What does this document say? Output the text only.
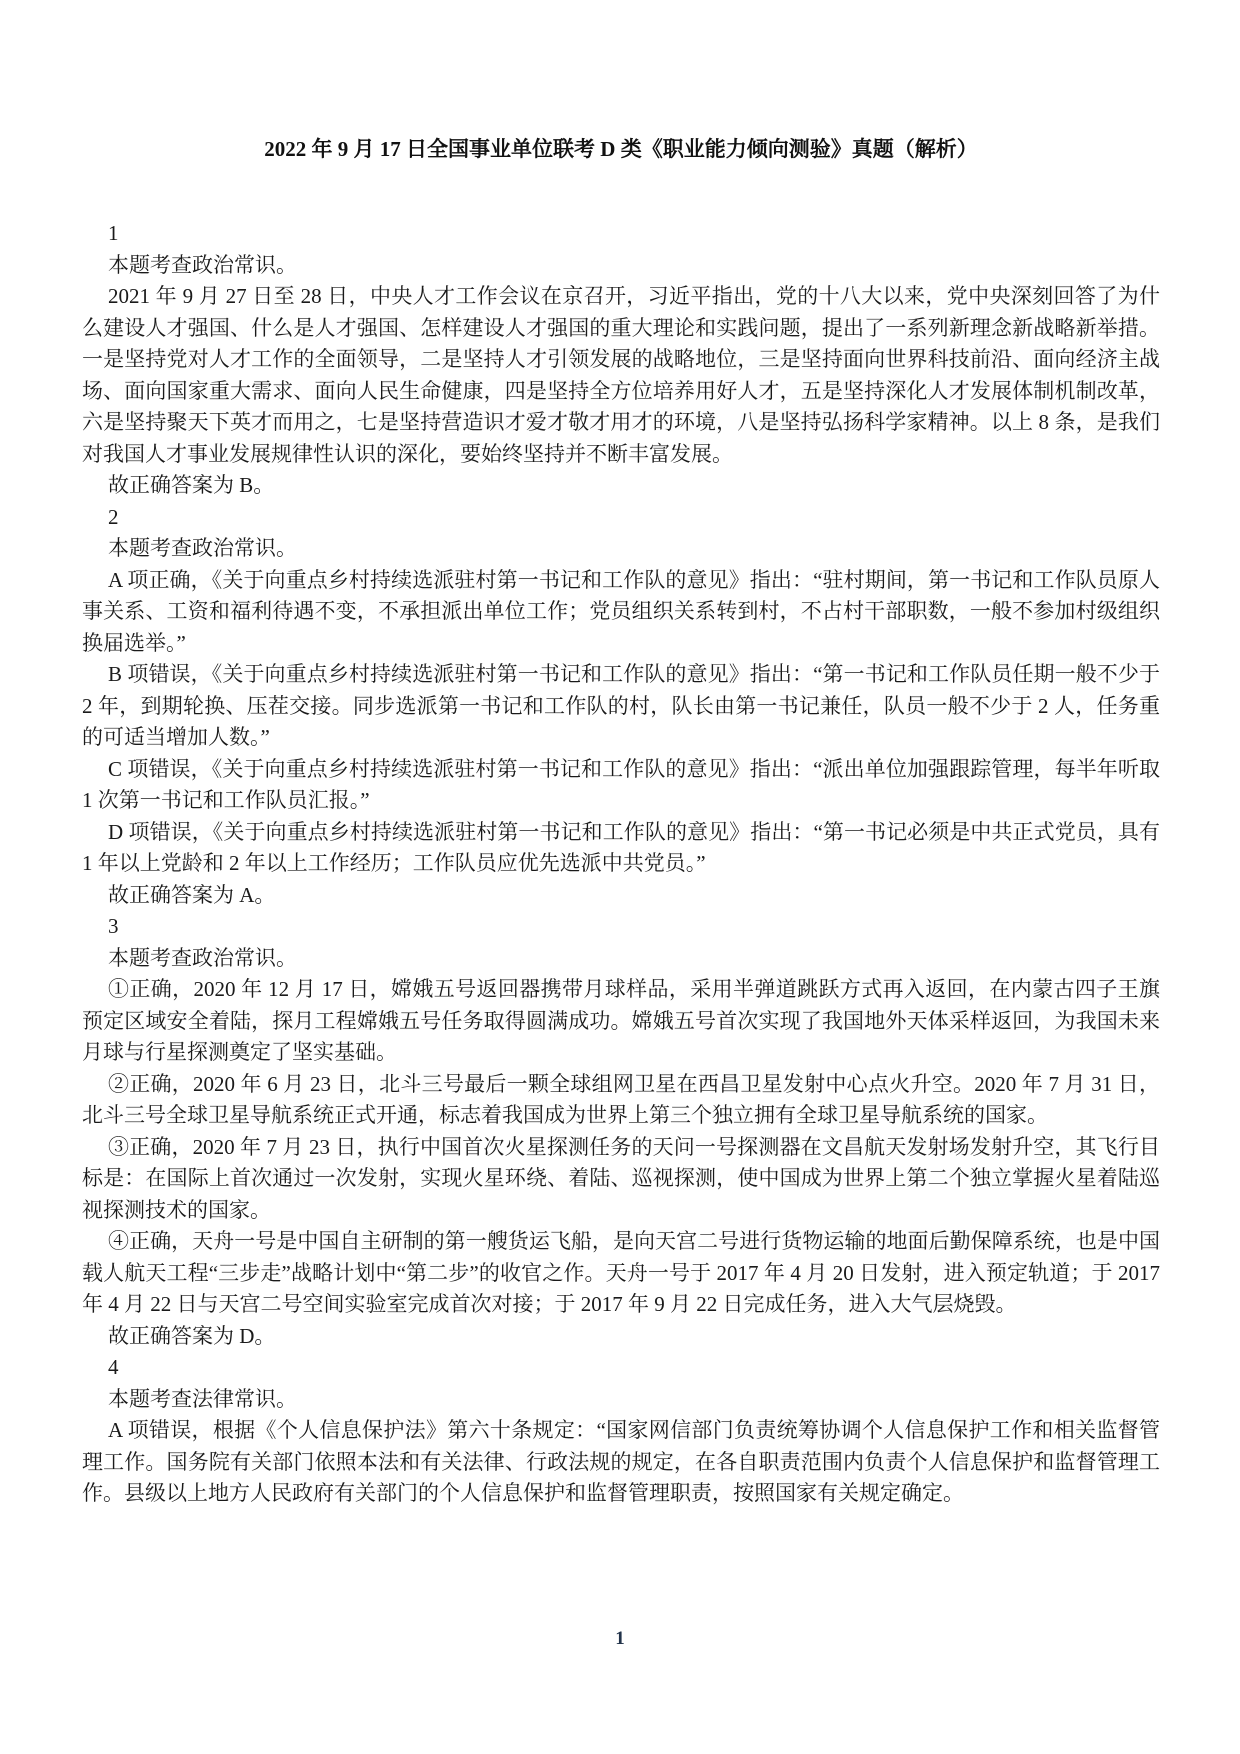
2022 年 9 月 17 日全国事业单位联考 D 类《职业能力倾向测验》真题（解析）

1

本题考查政治常识。

2021 年 9 月 27 日至 28 日，中央人才工作会议在京召开，习近平指出，党的十八大以来，党中央深刻回答了为什么建设人才强国、什么是人才强国、怎样建设人才强国的重大理论和实践问题，提出了一系列新理念新战略新举措。一是坚持党对人才工作的全面领导，二是坚持人才引领发展的战略地位，三是坚持面向世界科技前沿、面向经济主战场、面向国家重大需求、面向人民生命健康，四是坚持全方位培养用好人才，五是坚持深化人才发展体制机制改革，六是坚持聚天下英才而用之，七是坚持营造识才爱才敬才用才的环境，八是坚持弘扬科学家精神。以上 8 条，是我们对我国人才事业发展规律性认识的深化，要始终坚持并不断丰富发展。

故正确答案为 B。

2

本题考查政治常识。

A 项正确，《关于向重点乡村持续选派驻村第一书记和工作队的意见》指出：“驻村期间，第一书记和工作队员原人事关系、工资和福利待遇不变，不承担派出单位工作；党员组织关系转到村，不占村干部职数，一般不参加村级组织换届选举。”

B 项错误，《关于向重点乡村持续选派驻村第一书记和工作队的意见》指出：“第一书记和工作队员任期一般不少于 2 年，到期轮换、压茬交接。同步选派第一书记和工作队的村，队长由第一书记兼任，队员一般不少于 2 人，任务重的可适当增加人数。”

C 项错误，《关于向重点乡村持续选派驻村第一书记和工作队的意见》指出：“派出单位加强跟踪管理，每半年听取 1 次第一书记和工作队员汇报。”

D 项错误，《关于向重点乡村持续选派驻村第一书记和工作队的意见》指出：“第一书记必须是中共正式党员，具有 1 年以上党龄和 2 年以上工作经历；工作队员应优先选派中共党员。”

故正确答案为 A。

3

本题考查政治常识。

①正确，2020 年 12 月 17 日，嫦娥五号返回器携带月球样品，采用半弹道跳跃方式再入返回，在内蒙古四子王旗预定区域安全着陆，探月工程嫦娥五号任务取得圆满成功。嫦娥五号首次实现了我国地外天体采样返回，为我国未来月球与行星探测奠定了坚实基础。

②正确，2020 年 6 月 23 日，北斗三号最后一颗全球组网卫星在西昌卫星发射中心点火升空。2020 年 7 月 31 日，北斗三号全球卫星导航系统正式开通，标志着我国成为世界上第三个独立拥有全球卫星导航系统的国家。

③正确，2020 年 7 月 23 日，执行中国首次火星探测任务的天问一号探测器在文昌航天发射场发射升空，其飞行目标是：在国际上首次通过一次发射，实现火星环绕、着陆、巡视探测，使中国成为世界上第二个独立掌握火星着陆巡视探测技术的国家。

④正确，天舟一号是中国自主研制的第一艘货运飞船，是向天宫二号进行货物运输的地面后勤保障系统，也是中国载人航天工程“三步走”战略计划中“第二步”的收官之作。天舟一号于 2017 年 4 月 20 日发射，进入预定轨道；于 2017 年 4 月 22 日与天宫二号空间实验室完成首次对接；于 2017 年 9 月 22 日完成任务，进入大气层烧毁。

故正确答案为 D。

4

本题考查法律常识。

A 项错误，根据《个人信息保护法》第六十条规定：“国家网信部门负责统筹协调个人信息保护工作和相关监督管理工作。国务院有关部门依照本法和有关法律、行政法规的规定，在各自职责范围内负责个人信息保护和监督管理工作。县级以上地方人民政府有关部门的个人信息保护和监督管理职责，按照国家有关规定确定。

1
